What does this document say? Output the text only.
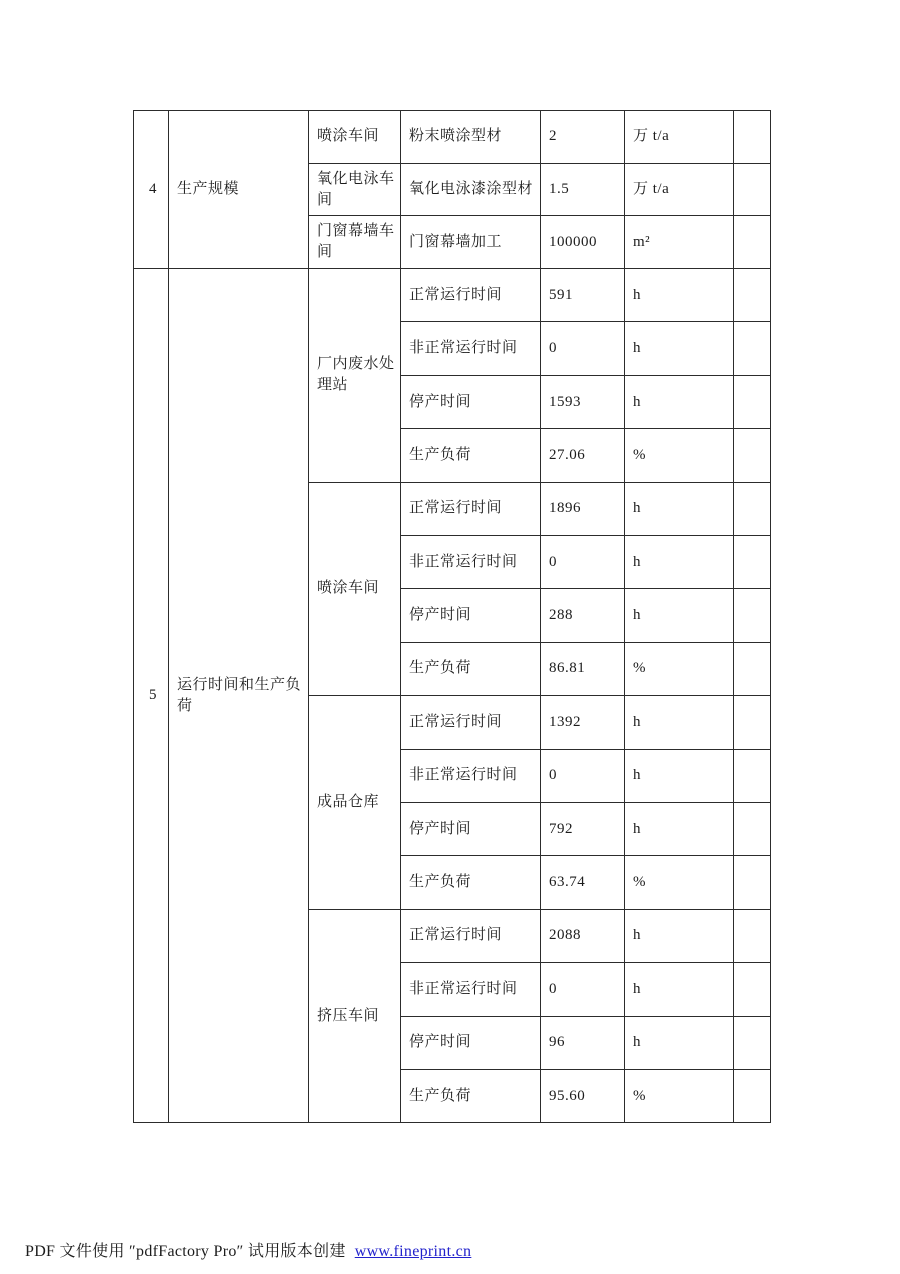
4	生产规模	喷涂车间	粉末喷涂型材	2	万 t/a	
		氧化电泳车间	氧化电泳漆涂型材	1.5	万 t/a	
		门窗幕墙车间	门窗幕墙加工	100000	m²	
5	运行时间和生产负荷	厂内废水处理站	正常运行时间	591	h	
			非正常运行时间	0	h	
			停产时间	1593	h	
			生产负荷	27.06	%	
		喷涂车间	正常运行时间	1896	h	
			非正常运行时间	0	h	
			停产时间	288	h	
			生产负荷	86.81	%	
		成品仓库	正常运行时间	1392	h	
			非正常运行时间	0	h	
			停产时间	792	h	
			生产负荷	63.74	%	
		挤压车间	正常运行时间	2088	h	
			非正常运行时间	0	h	
			停产时间	96	h	
			生产负荷	95.60	%	
PDF 文件使用 ″pdfFactory Pro″ 试用版本创建 www.fineprint.cn
